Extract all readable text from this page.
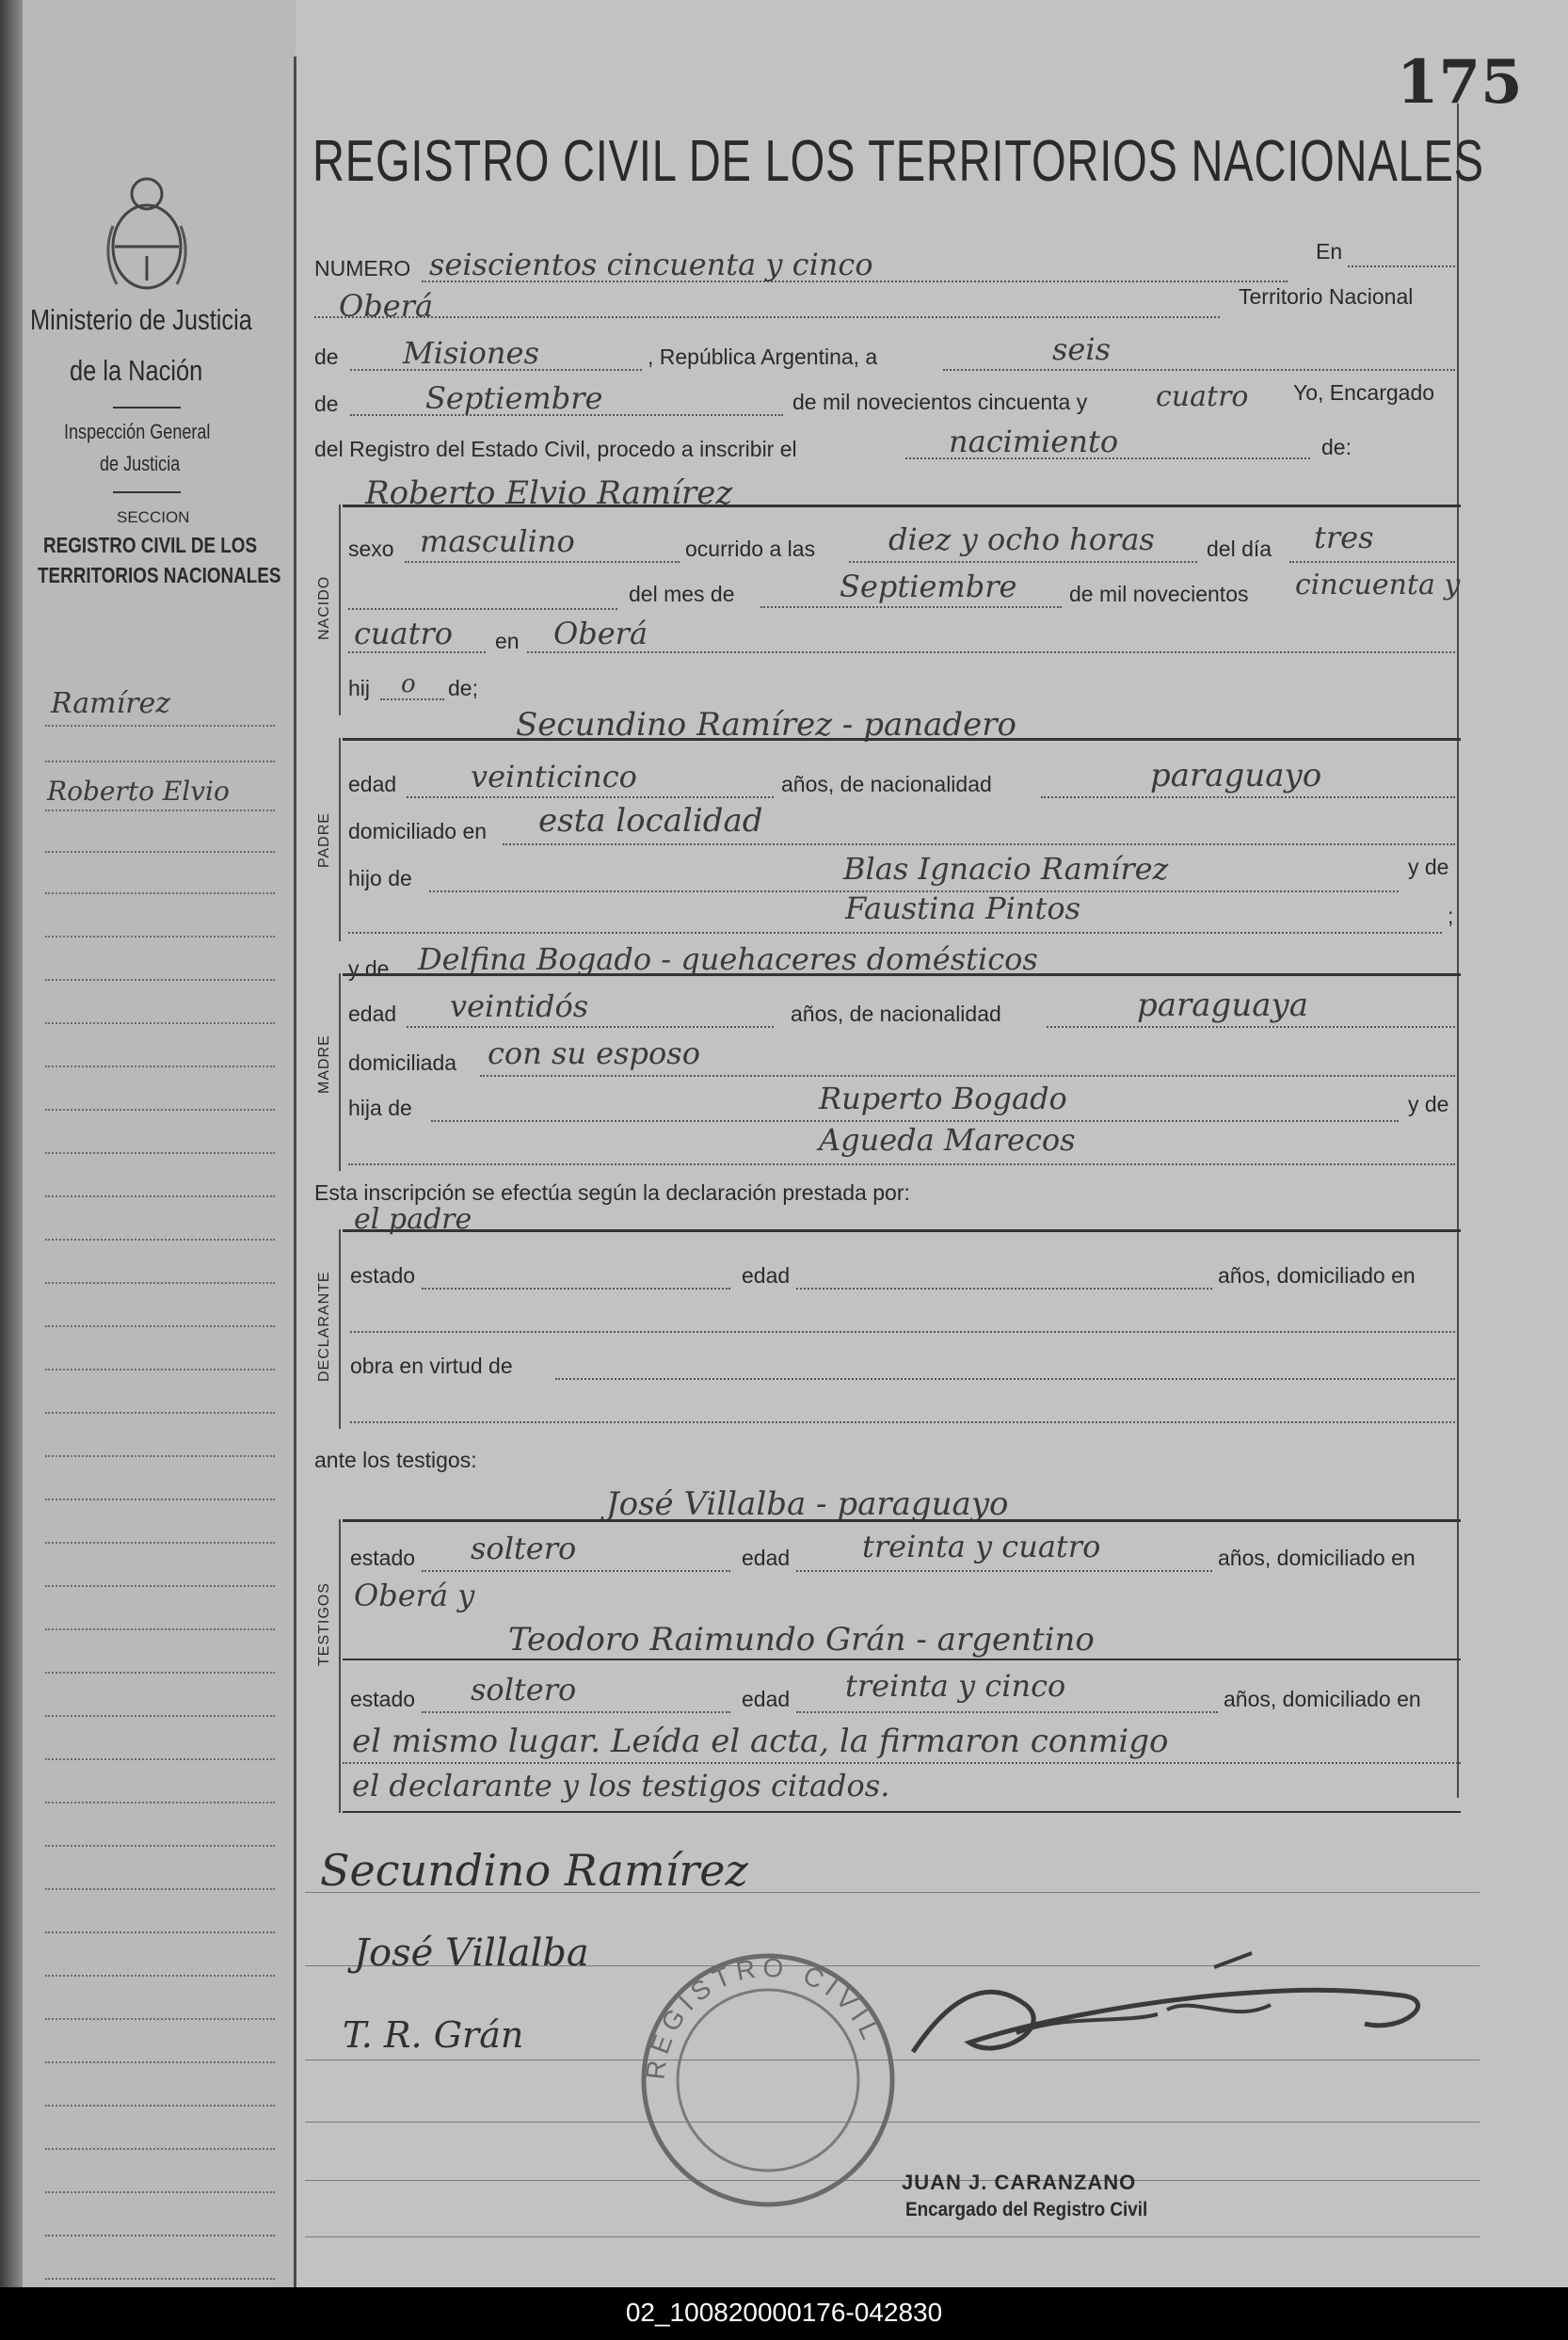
175
Ministerio de Justicia
de la Nación
Inspección General
de Justicia
SECCION
REGISTRO CIVIL DE LOS
TERRITORIOS NACIONALES
Ramírez
Roberto Elvio
REGISTRO CIVIL DE LOS TERRITORIOS NACIONALES
NUMERO seiscientos cincuenta y cinco	En
Oberá	Territorio Nacional
de Misiones	, República Argentina, a	seis
de	Septiembre	de mil novecientos cincuenta y cuatro Yo, Encargado
del Registro del Estado Civil, procedo a inscribir el	nacimiento	de:
Roberto Elvio Ramírez
NACIDO
sexo masculino	ocurrido a las diez y ocho horas del día tres
del mes de	Septiembre de mil novecientos cincuenta y
cuatro en Oberá
hij o de;
Secundino Ramírez - panadero
PADRE
edad veinticinco	años, de nacionalidad	paraguayo
domiciliado en esta localidad
hijo de	Blas Ignacio Ramírez	y de
Faustina Pintos	;
y de Delfina Bogado - quehaceres domésticos
MADRE
edad veintidós	años, de nacionalidad	paraguaya
domiciliada con su esposo
hija de	Ruperto Bogado	y de
Agueda Marecos
Esta inscripción se efectúa según la declaración prestada por:
el padre
DECLARANTE estado	edad	años, domiciliado en
obra en virtud de
ante los testigos:
José Villalba - paraguayo
TESTIGOS
estado soltero	edad treinta y cuatro	años, domiciliado en
Oberá y
Teodoro Raimundo Grán - argentino
estado soltero	edad treinta y cinco	años, domiciliado en
el mismo lugar. Leída el acta, la firmaron conmigo
el declarante y los testigos citados.
Secundino Ramírez
José Villalba
T. R. Grán
REGISTRO CIVIL
JUAN J. CARANZANO
Encargado del Registro Civil
02_100820000176-042830
